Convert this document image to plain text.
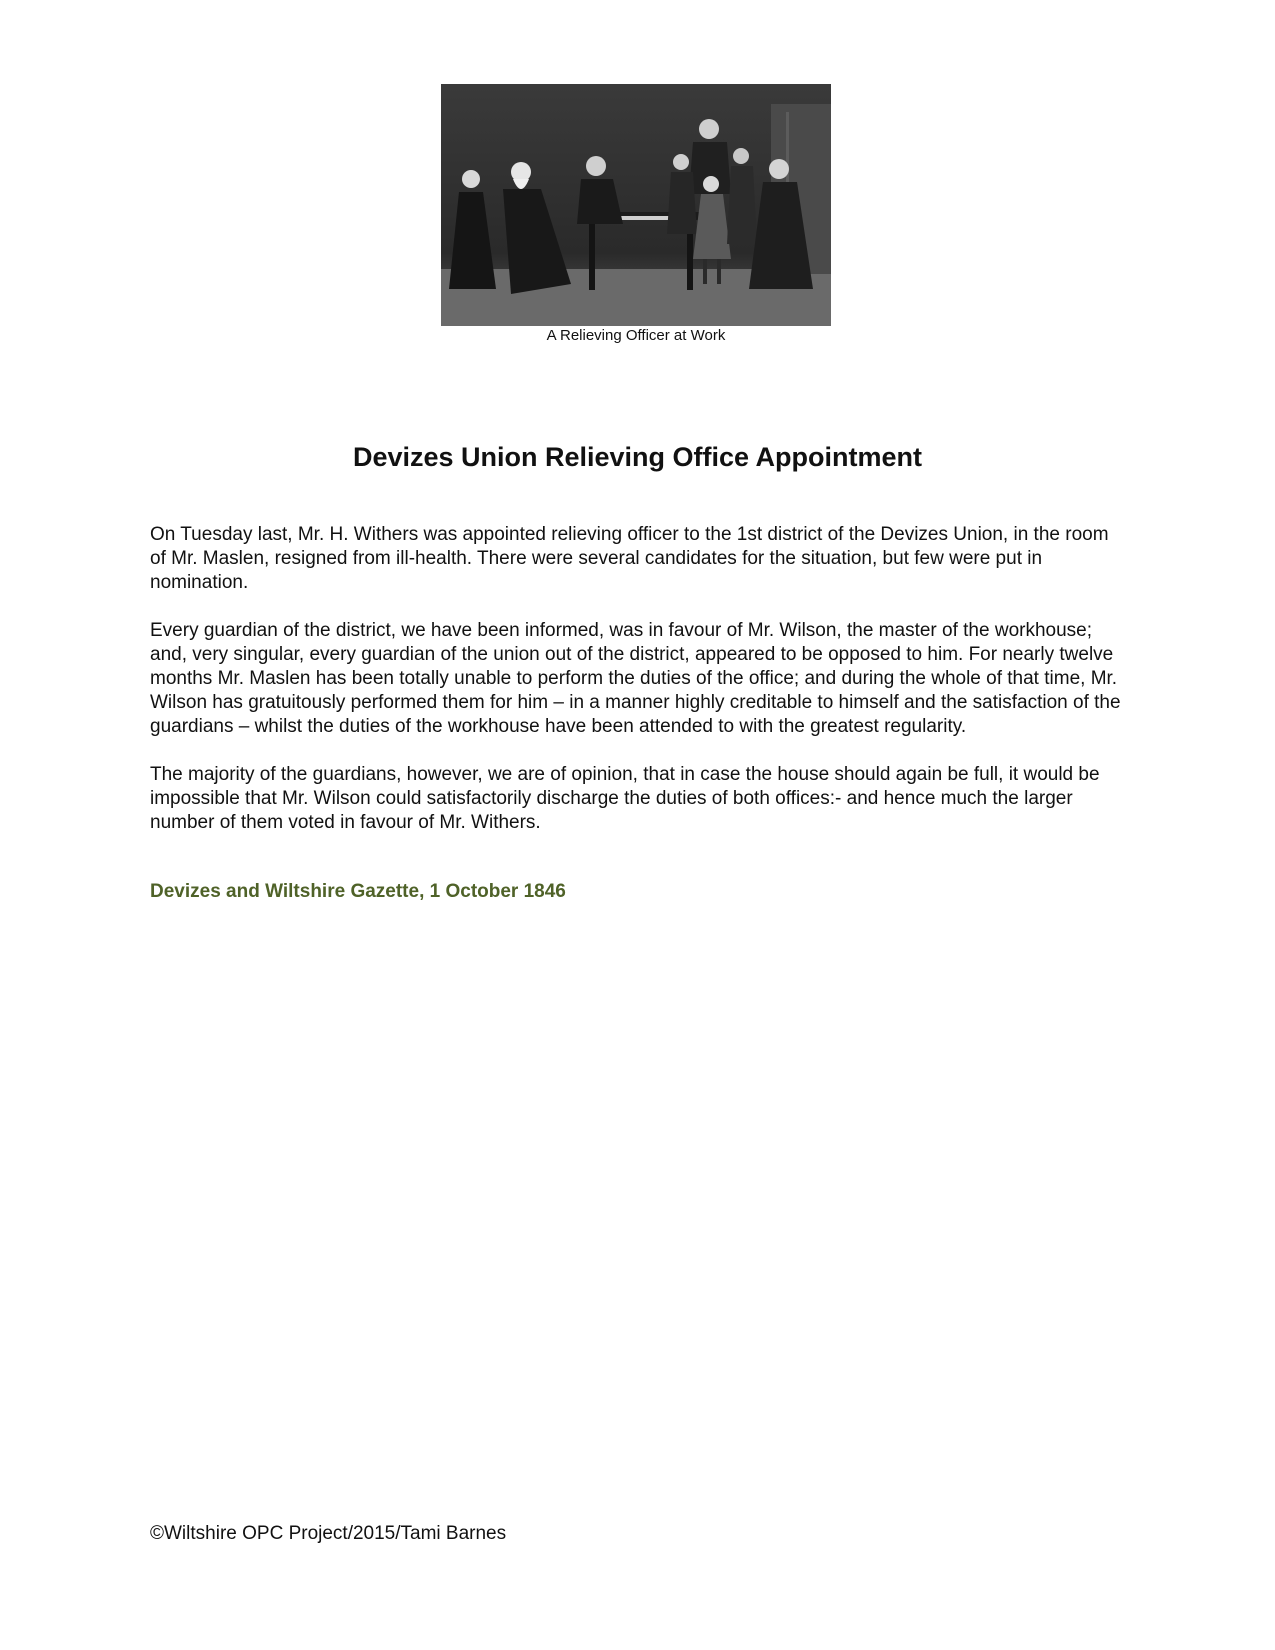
A Relieving Officer at Work
Devizes Union Relieving Office Appointment

On Tuesday last, Mr. H. Withers was appointed relieving officer to the 1st district of the Devizes Union, in the room of Mr. Maslen, resigned from ill-health. There were several candidates for the situation, but few were put in nomination.

Every guardian of the district, we have been informed, was in favour of Mr. Wilson, the master of the workhouse; and, very singular, every guardian of the union out of the district, appeared to be opposed to him. For nearly twelve months Mr. Maslen has been totally unable to perform the duties of the office; and during the whole of that time, Mr. Wilson has gratuitously performed them for him – in a manner highly creditable to himself and the satisfaction of the guardians – whilst the duties of the workhouse have been attended to with the greatest regularity.

The majority of the guardians, however, we are of opinion, that in case the house should again be full, it would be impossible that Mr. Wilson could satisfactorily discharge the duties of both offices:- and hence much the larger number of them voted in favour of Mr. Withers.

Devizes and Wiltshire Gazette, 1 October 1846
©Wiltshire OPC Project/2015/Tami Barnes
